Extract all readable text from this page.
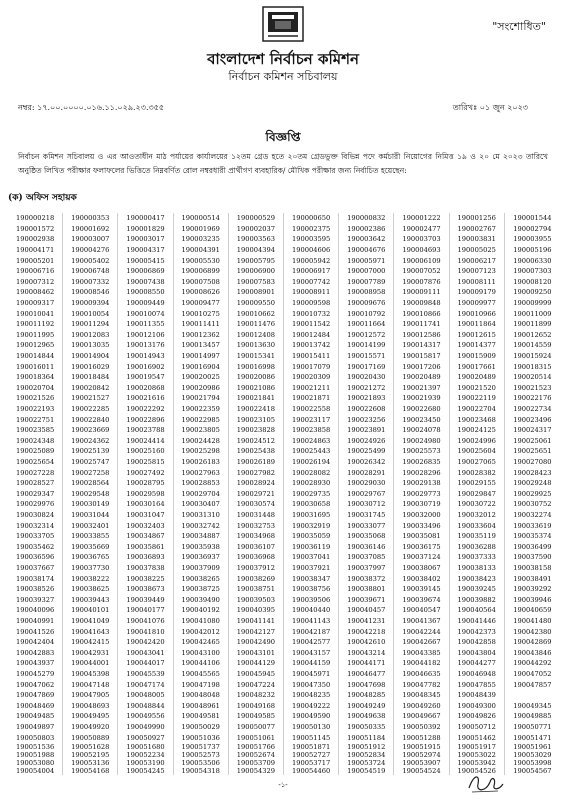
"সংশোধিত"
বাংলাদেশ নির্বাচন কমিশন
নির্বাচন কমিশন সচিবালয়
নম্বর: ১৭.০০.০০০০.০১৬.১১.০২৯.২৩.৩৫৫	তারিখঃ ০১ জুন ২০২৩
বিজ্ঞপ্তি
নির্বাচন কমিশন সচিবালয় ও এর আওতাধীন মাঠ পর্যায়ের কার্যালয়ের ১২তম গ্রেড হতে ২০তম গ্রেডভুক্ত বিভিন্ন পদে কর্মচারী নিয়োগের নিমিত্ত ১৯ ও ২০ মে ২০২৩ তারিখে অনুষ্ঠিত লিখিত পরীক্ষার ফলাফলের ভিত্তিতে নিম্নবর্ণিত রোল নম্বরধারী প্রার্থীগণ ব্যবহারিক/ মৌখিক পরীক্ষার জন্য নির্বাচিত হয়েছেন:
(ক) অফিস সহায়ক
190000218	190000353	190000417	190000514	190000529	190000650	190000832	190001222	190001256	190001544
190001572	190001692	190001829	190001969	190002037	190002375	190002386	190002477	190002767	190002794
190002938	190003007	190003017	190003235	190003563	190003595	190003642	190003703	190003831	190003955
190004171	190004276	190004317	190004391	190004394	190004606	190004676	190004693	190005025	190005196
190005201	190005402	190005415	190005530	190005795	190005942	190005971	190006109	190006217	190006330
190006716	190006748	190006869	190006899	190006900	190006917	190007000	190007052	190007123	190007303
190007312	190007332	190007438	190007508	190007583	190007742	190007789	190007876	190008111	190008120
190008462	190008546	190008550	190008626	190008901	190008911	190008958	190009111	190009179	190009250
190009317	190009394	190009449	190009477	190009550	190009598	190009676	190009848	190009977	190009999
190010041	190010054	190010074	190010275	190010662	190010732	190010792	190010866	190010966	190011009
190011192	190011294	190011355	190011411	190011476	190011542	190011664	190011741	190011864	190011899
190011995	190012083	190012106	190012362	190012408	190012484	190012572	190012586	190012615	190012652
190012965	190013035	190013176	190013457	190013630	190013742	190014199	190014317	190014377	190014559
190014844	190014904	190014943	190014997	190015341	190015411	190015571	190015817	190015909	190015924
190016011	190016029	190016902	190016904	190016998	190017079	190017169	190017206	190017661	190018315
190018364	190018484	190019547	190020025	190020086	190020309	190020430	190020489	190020489	190020514
190020704	190020842	190020868	190020986	190021086	190021211	190021272	190021397	190021520	190021523
190021526	190021527	190021616	190021794	190021841	190021871	190021893	190021939	190022119	190022176
190022193	190022285	190022292	190022359	190022418	190022558	190022608	190022680	190022704	190022734
190022751	190022840	190022896	190022985	190023105	190023117	190023256	190023450	190023468	190023496
190023585	190023669	190023788	190023805	190023828	190023858	190023891	190024078	190024125	190024317
190024348	190024362	190024414	190024428	190024512	190024863	190024926	190024980	190024996	190025061
190025089	190025139	190025160	190025298	190025438	190025443	190025499	190025573	190025604	190025651
190025654	190025747	190025815	190026183	190026189	190026194	190026342	190026835	190027065	190027080
190027228	190027258	190027492	190027963	190027982	190028082	190028291	190028296	190028382	190028423
190028527	190028564	190028795	190028853	190028924	190028930	190029030	190029138	190029155	190029248
190029347	190029548	190029598	190029704	190029721	190029735	190029767	190029773	190029847	190029925
190029976	190030149	190030164	190030407	190030574	190030658	190030712	190030719	190030722	190030752
190030824	190031044	190031047	190031310	190031448	190031695	190031745	190032000	190032012	190032274
190032314	190032401	190032403	190032742	190032753	190032919	190033077	190033496	190033604	190033619
190033705	190033855	190034867	190034887	190034968	190035059	190035068	190035081	190035119	190035374
190035462	190035669	190035861	190035938	190036107	190036119	190036146	190036175	190036288	190036499
190036596	190036765	190036893	190036937	190036968	190037041	190037085	190037124	190037333	190037590
190037667	190037730	190037838	190037909	190037912	190037921	190037997	190038067	190038133	190038158
190038174	190038222	190038225	190038265	190038269	190038347	190038372	190038402	190038423	190038491
190038526	190038625	190038673	190038725	190038751	190038756	190038801	190039145	190039245	190039292
190039327	190039443	190039449	190039490	190039503	190039506	190039671	190039674	190039882	190039946
190040096	190040101	190040177	190040192	190040395	190040440	190040457	190040547	190040564	190040659
190040991	190041049	190041076	190041080	190041141	190041143	190041231	190041367	190041446	190041480
190041526	190041643	190041810	190042012	190042127	190042187	190042218	190042244	190042373	190042380
190042404	190042415	190042420	190042465	190042490	190042577	190042610	190042667	190042858	190042869
190042883	190042931	190043041	190043100	190043101	190043157	190043214	190043385	190043804	190043846
190043937	190044001	190044017	190044106	190044129	190044159	190044171	190044182	190044277	190044292
190045279	190045398	190045539	190045565	190045945	190045971	190046477	190046635	190046948	190047052
190047062	190047148	190047174	190047198	190047224	190047350	190047698	190047782	190047855	190047857
190047869	190047905	190048005	190048048	190048232	190048235	190048285	190048345	190048439
190048469	190048693	190048844	190048961	190049168	190049222	190049249	190049260	190049300	190049345
190049485	190049495	190049556	190049581	190049585	190049590	190049638	190049667	190049826	190049885
190049897	190049920	190049990	190050029	190050077	190050130	190050335	190050392	190050712	190050771
190050803	190050889	190050927	190051036	190051061	190051145	190051184	190051288	190051462	190051471
190051536	190051628	190051680	190051737	190051766	190051871	190051912	190051915	190051917	190051961
190051988	190052195	190052234	190052573	190052674	190052727	190052834	190052974	190053022	190053029
190053080	190053136	190053190	190053506	190053709	190053717	190053724	190053907	190053942	190053998
190054004	190054168	190054245	190054318	190054329	190054460	190054519	190054524	190054526	190054567
-১-
